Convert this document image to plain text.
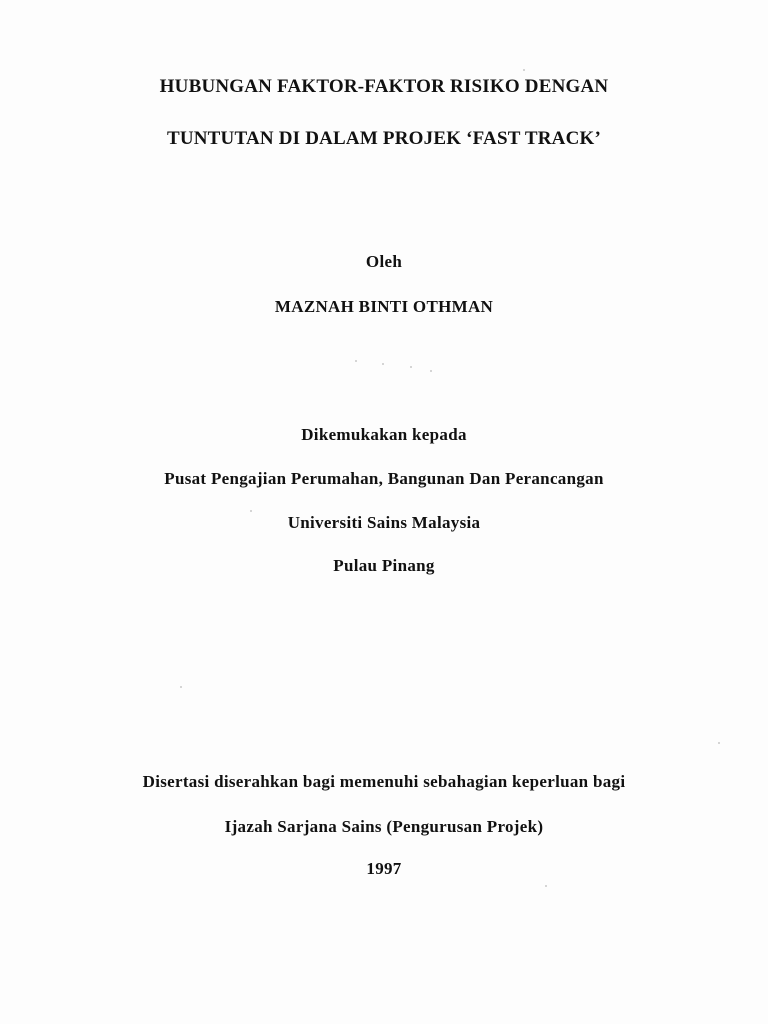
HUBUNGAN FAKTOR-FAKTOR RISIKO DENGAN
TUNTUTAN DI DALAM PROJEK ‘FAST TRACK’
Oleh
MAZNAH BINTI OTHMAN
Dikemukakan kepada
Pusat Pengajian Perumahan, Bangunan Dan Perancangan
Universiti Sains Malaysia
Pulau Pinang
Disertasi diserahkan bagi memenuhi sebahagian keperluan bagi
Ijazah Sarjana Sains (Pengurusan Projek)
1997
